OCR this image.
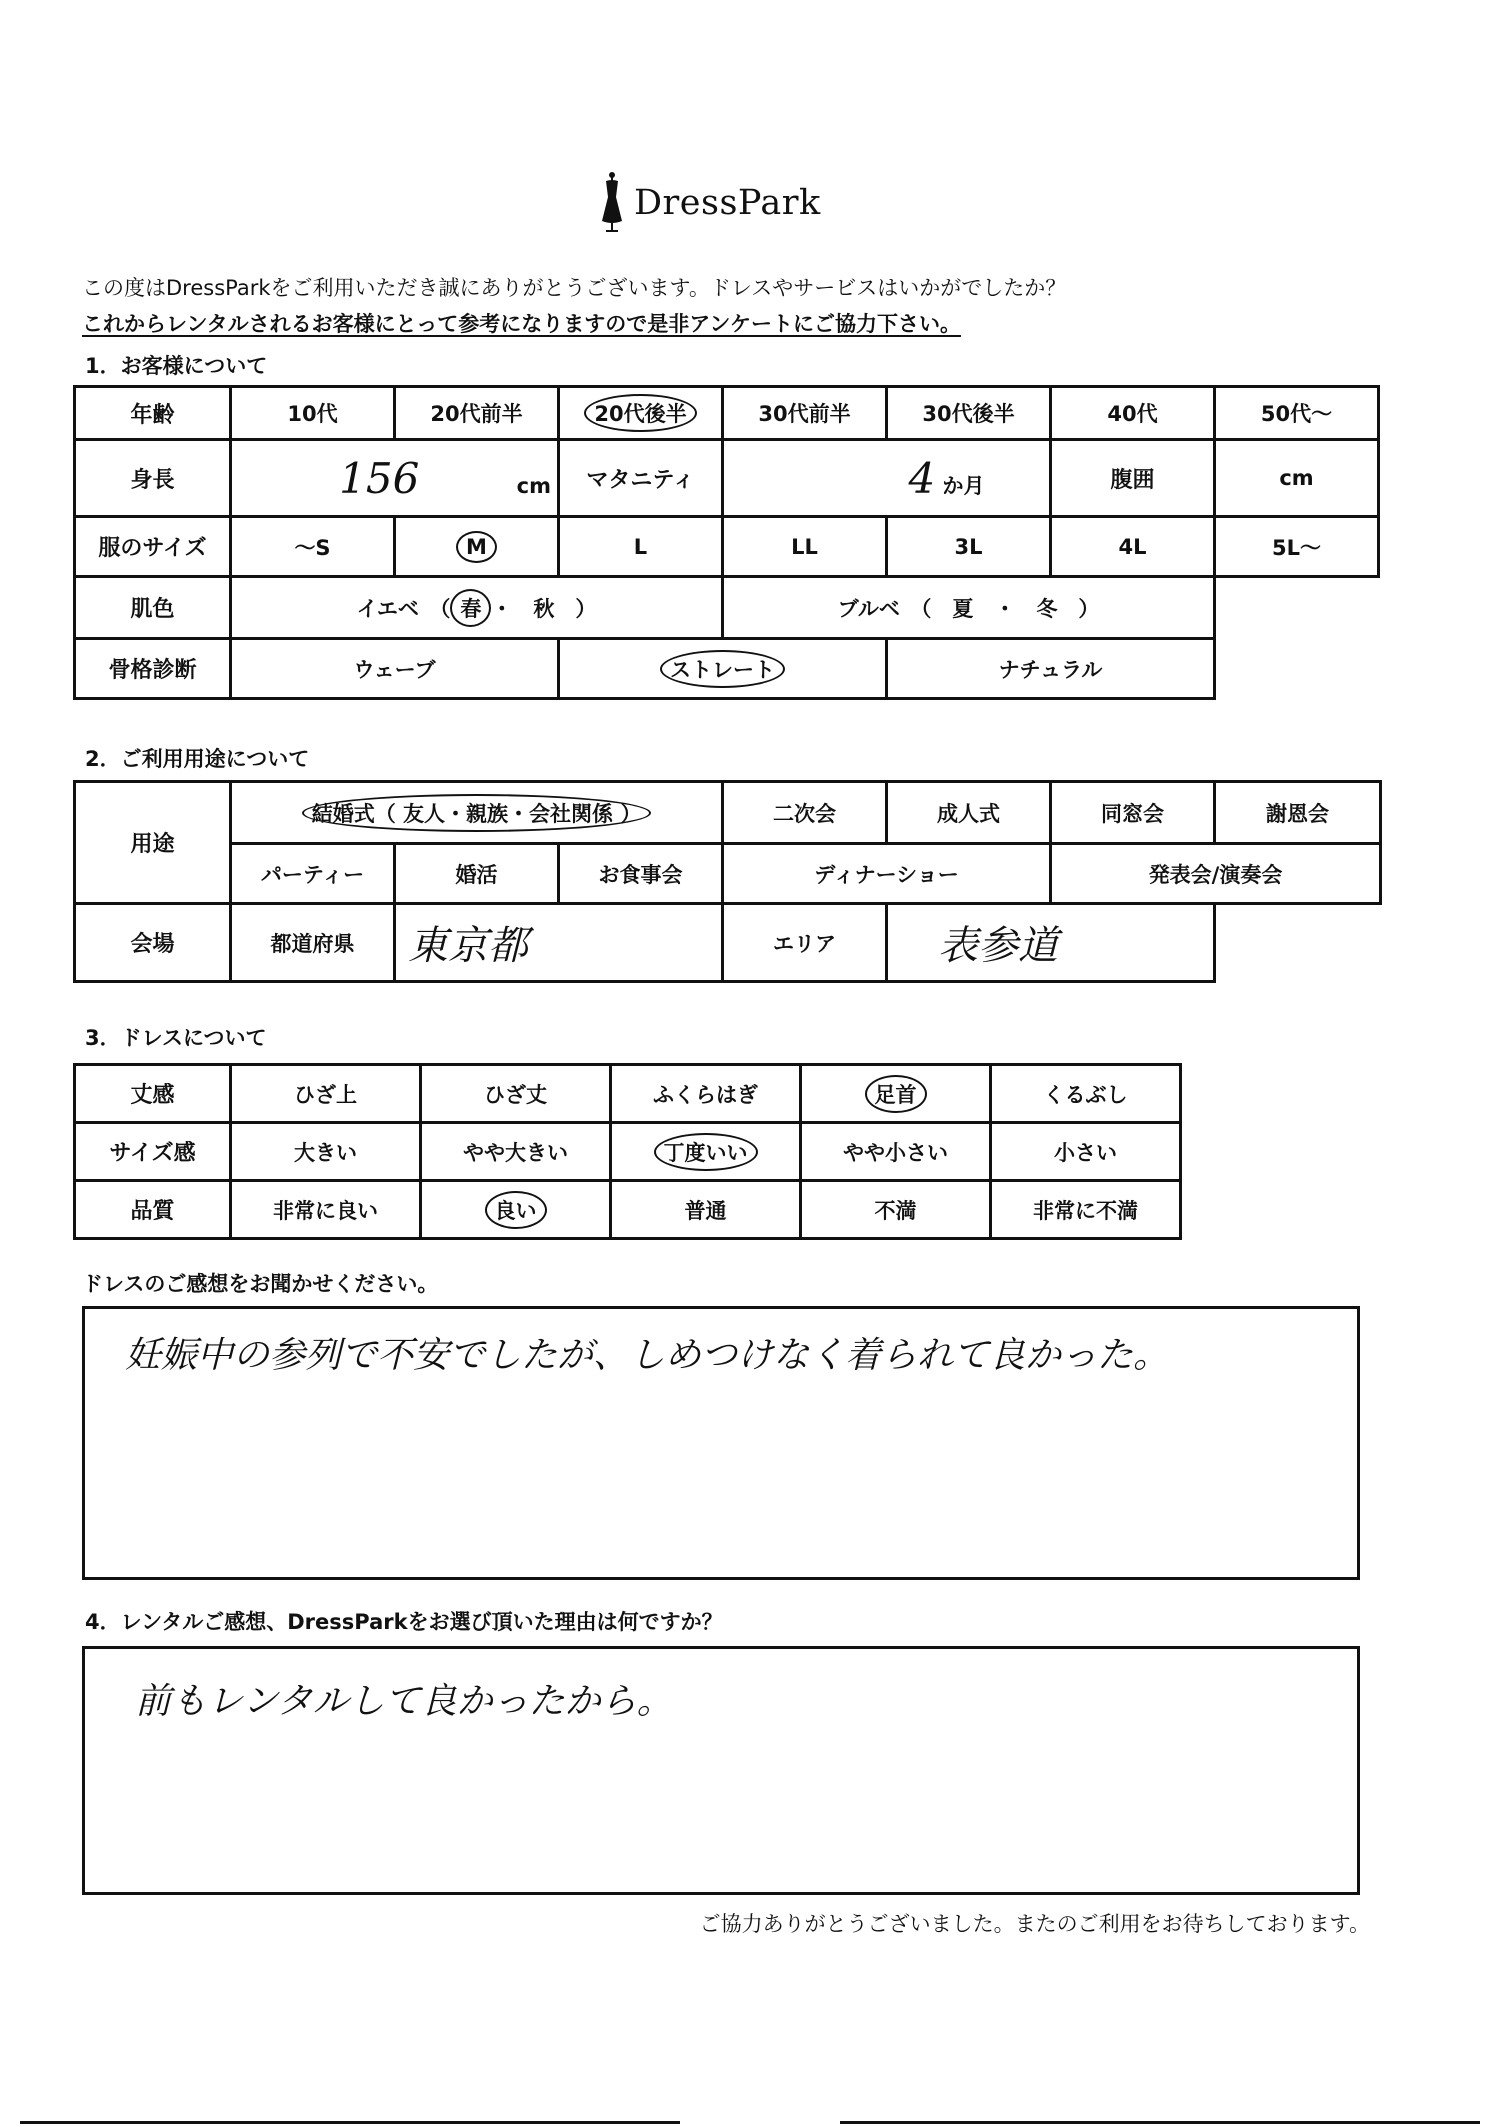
DressPark
この度はDressParkをご利用いただき誠にありがとうございます。ドレスやサービスはいかがでしたか？
これからレンタルされるお客様にとって参考になりますので是非アンケートにご協力下さい。
1．お客様について
年齢	10代	20代前半	20代後半	30代前半	30代後半	40代	50代〜
身長	156 cm		マタニティ	4 か月		腹囲	cm
服のサイズ	〜S	M	L	LL	3L	4L	5L〜
肌色	イエベ　（ 春 ・　秋　）			ブルベ　（　夏　・　冬　）			
骨格診断	ウェーブ		ストレート		ナチュラル		
2．ご利用用途について
用途	結婚式（ 友人・親族・会社関係 ）			二次会	成人式	同窓会	謝恩会
	パーティー	婚活	お食事会	ディナーショー		発表会/演奏会	
会場	都道府県	東京都		エリア	表参道		
3．ドレスについて
丈感	ひざ上	ひざ丈	ふくらはぎ	足首	くるぶし
サイズ感	大きい	やや大きい	丁度いい	やや小さい	小さい
品質	非常に良い	良い	普通	不満	非常に不満
ドレスのご感想をお聞かせください。
妊娠中の参列で不安でしたが、しめつけなく着られて良かった。
4．レンタルご感想、DressParkをお選び頂いた理由は何ですか？
前もレンタルして良かったから。
ご協力ありがとうございました。またのご利用をお待ちしております。
